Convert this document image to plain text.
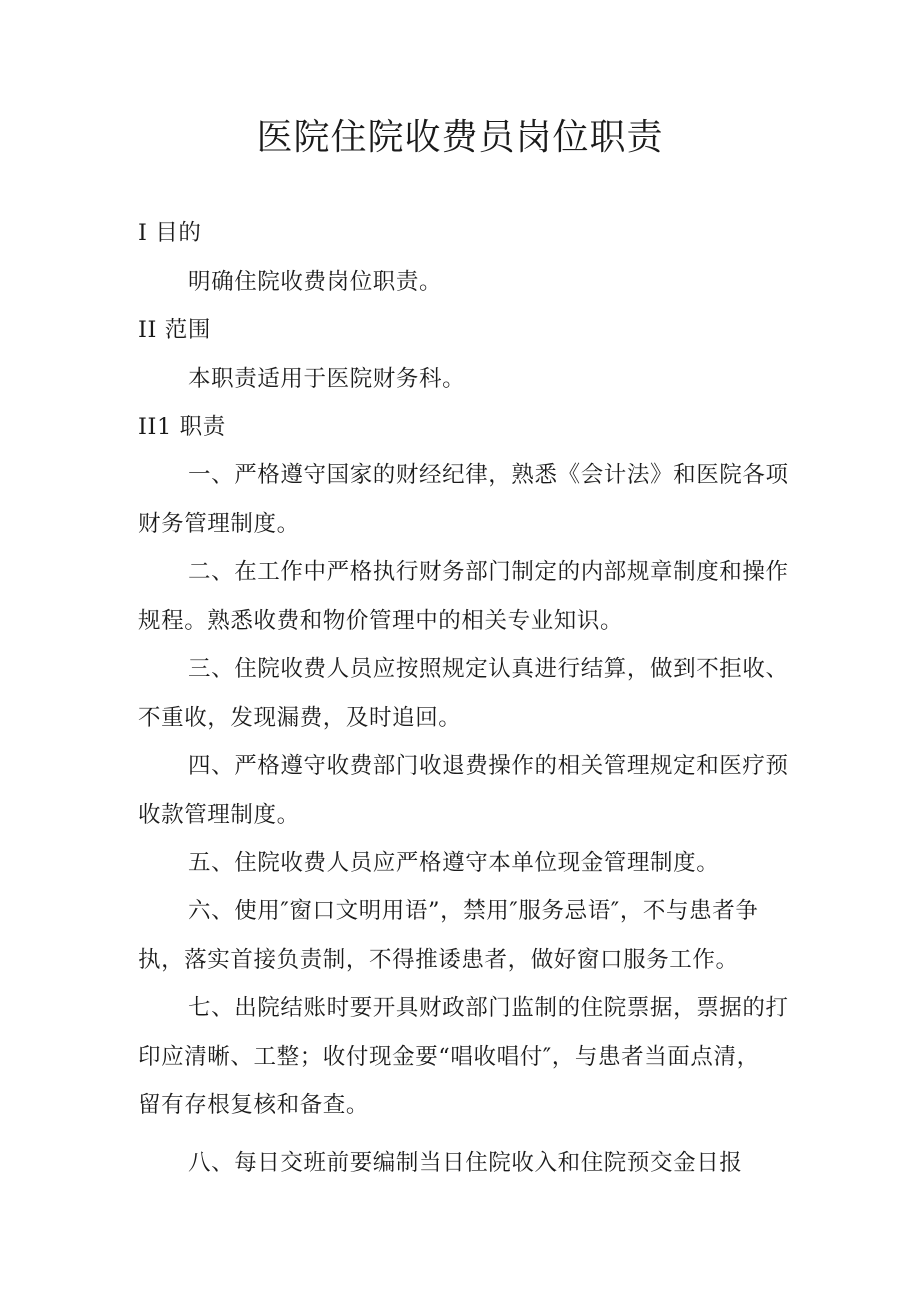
医院住院收费员岗位职责
I 目的
明确住院收费岗位职责。
II 范围
本职责适用于医院财务科。
II1 职责
一、严格遵守国家的财经纪律，熟悉《会计法》和医院各项
财务管理制度。
二、在工作中严格执行财务部门制定的内部规章制度和操作
规程。熟悉收费和物价管理中的相关专业知识。
三、住院收费人员应按照规定认真进行结算，做到不拒收、
不重收，发现漏费，及时追回。
四、严格遵守收费部门收退费操作的相关管理规定和医疗预
收款管理制度。
五、住院收费人员应严格遵守本单位现金管理制度。
六、使用″窗口文明用语”，禁用″服务忌语″，不与患者争
执，落实首接负责制，不得推诿患者，做好窗口服务工作。
七、出院结账时要开具财政部门监制的住院票据，票据的打
印应清晰、工整；收付现金要“唱收唱付″，与患者当面点清，
留有存根复核和备查。
八、每日交班前要编制当日住院收入和住院预交金日报
